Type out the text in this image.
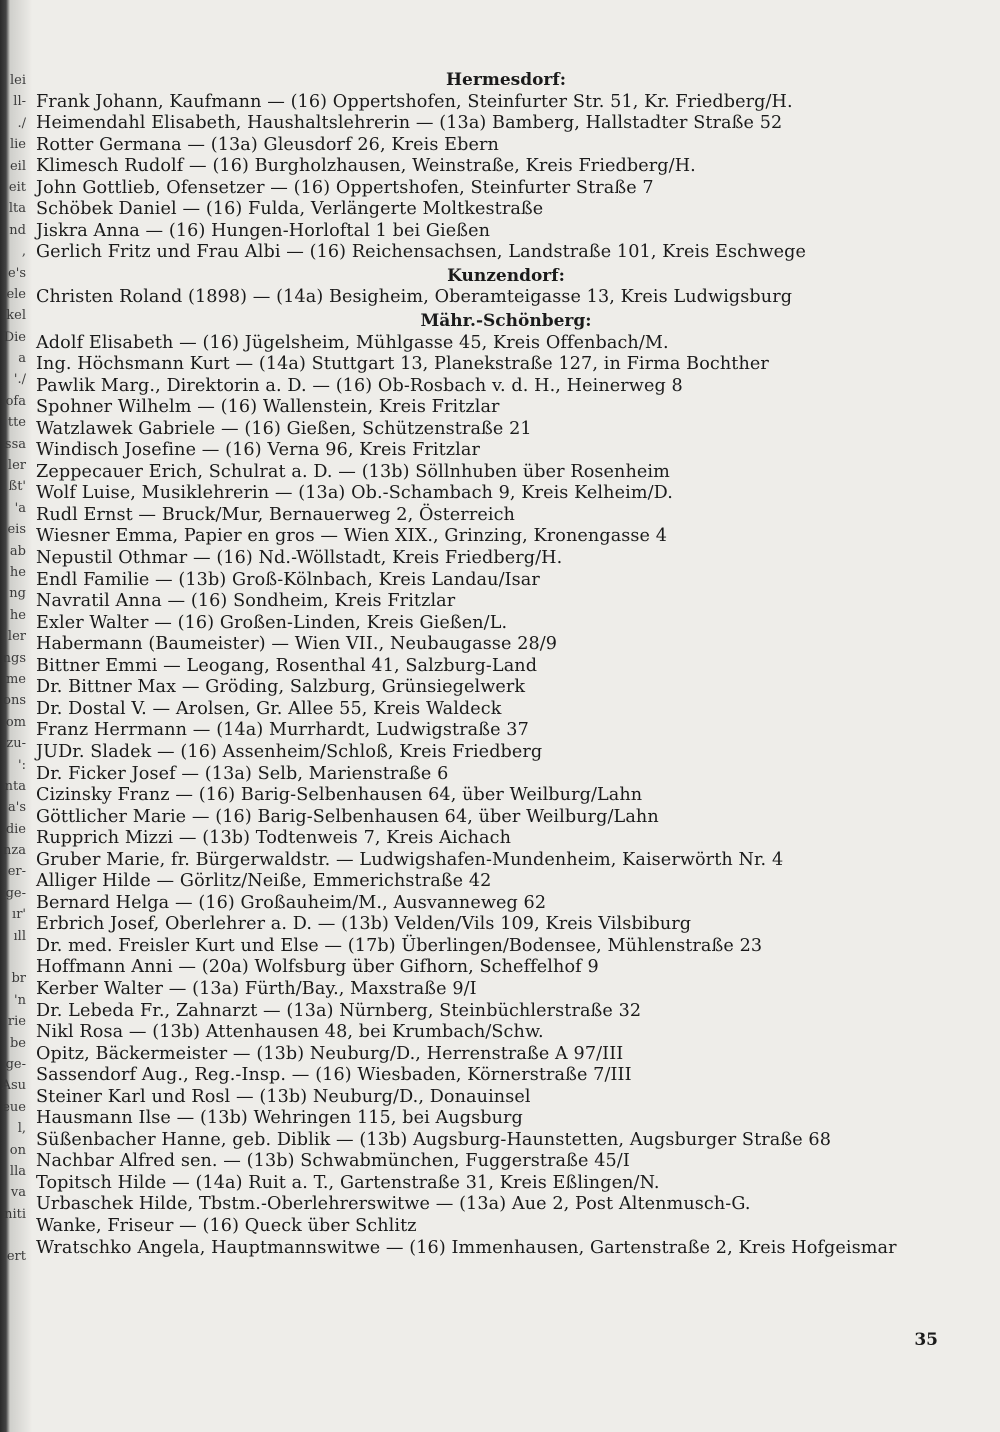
lei
ll-
./
lie
eil
eit
lta
nd
,
e's
ele
kel
Die
a
'./
ofa
tte
ssa
ler
ßt'
'a
eis
ab
he
ng
he
ler
ngs
me
ons
om
zu-
':
nta
a's
die
nza
er-
ge-
ır'
ıll
br
'n
rie
be
ge-
Asu
eue
l,
on
lla
va
niti
ert
Hermesdorf:
Frank Johann, Kaufmann — (16) Oppertshofen, Steinfurter Str. 51, Kr. Friedberg/H.
Heimendahl Elisabeth, Haushaltslehrerin — (13a) Bamberg, Hallstadter Straße 52
Rotter Germana — (13a) Gleusdorf 26, Kreis Ebern
Klimesch Rudolf — (16) Burgholzhausen, Weinstraße, Kreis Friedberg/H.
John Gottlieb, Ofensetzer — (16) Oppertshofen, Steinfurter Straße 7
Schöbek Daniel — (16) Fulda, Verlängerte Moltkestraße
Jiskra Anna — (16) Hungen-Horloftal 1 bei Gießen
Gerlich Fritz und Frau Albi — (16) Reichensachsen, Landstraße 101, Kreis Eschwege
Kunzendorf:
Christen Roland (1898) — (14a) Besigheim, Oberamteigasse 13, Kreis Ludwigsburg
Mähr.-Schönberg:
Adolf Elisabeth — (16) Jügelsheim, Mühlgasse 45, Kreis Offenbach/M.
Ing. Höchsmann Kurt — (14a) Stuttgart 13, Planekstraße 127, in Firma Bochther
Pawlik Marg., Direktorin a. D. — (16) Ob-Rosbach v. d. H., Heinerweg 8
Spohner Wilhelm — (16) Wallenstein, Kreis Fritzlar
Watzlawek Gabriele — (16) Gießen, Schützenstraße 21
Windisch Josefine — (16) Verna 96, Kreis Fritzlar
Zeppecauer Erich, Schulrat a. D. — (13b) Söllnhuben über Rosenheim
Wolf Luise, Musiklehrerin — (13a) Ob.-Schambach 9, Kreis Kelheim/D.
Rudl Ernst — Bruck/Mur, Bernauerweg 2, Österreich
Wiesner Emma, Papier en gros — Wien XIX., Grinzing, Kronengasse 4
Nepustil Othmar — (16) Nd.-Wöllstadt, Kreis Friedberg/H.
Endl Familie — (13b) Groß-Kölnbach, Kreis Landau/Isar
Navratil Anna — (16) Sondheim, Kreis Fritzlar
Exler Walter — (16) Großen-Linden, Kreis Gießen/L.
Habermann (Baumeister) — Wien VII., Neubaugasse 28/9
Bittner Emmi — Leogang, Rosenthal 41, Salzburg-Land
Dr. Bittner Max — Gröding, Salzburg, Grünsiegelwerk
Dr. Dostal V. — Arolsen, Gr. Allee 55, Kreis Waldeck
Franz Herrmann — (14a) Murrhardt, Ludwigstraße 37
JUDr. Sladek — (16) Assenheim/Schloß, Kreis Friedberg
Dr. Ficker Josef — (13a) Selb, Marienstraße 6
Cizinsky Franz — (16) Barig-Selbenhausen 64, über Weilburg/Lahn
Göttlicher Marie — (16) Barig-Selbenhausen 64, über Weilburg/Lahn
Rupprich Mizzi — (13b) Todtenweis 7, Kreis Aichach
Gruber Marie, fr. Bürgerwaldstr. — Ludwigshafen-Mundenheim, Kaiserwörth Nr. 4
Alliger Hilde — Görlitz/Neiße, Emmerichstraße 42
Bernard Helga — (16) Großauheim/M., Ausvanneweg 62
Erbrich Josef, Oberlehrer a. D. — (13b) Velden/Vils 109, Kreis Vilsbiburg
Dr. med. Freisler Kurt und Else — (17b) Überlingen/Bodensee, Mühlenstraße 23
Hoffmann Anni — (20a) Wolfsburg über Gifhorn, Scheffelhof 9
Kerber Walter — (13a) Fürth/Bay., Maxstraße 9/I
Dr. Lebeda Fr., Zahnarzt — (13a) Nürnberg, Steinbüchlerstraße 32
Nikl Rosa — (13b) Attenhausen 48, bei Krumbach/Schw.
Opitz, Bäckermeister — (13b) Neuburg/D., Herrenstraße A 97/III
Sassendorf Aug., Reg.-Insp. — (16) Wiesbaden, Körnerstraße 7/III
Steiner Karl und Rosl — (13b) Neuburg/D., Donauinsel
Hausmann Ilse — (13b) Wehringen 115, bei Augsburg
Süßenbacher Hanne, geb. Diblik — (13b) Augsburg-Haunstetten, Augsburger Straße 68
Nachbar Alfred sen. — (13b) Schwabmünchen, Fuggerstraße 45/I
Topitsch Hilde — (14a) Ruit a. T., Gartenstraße 31, Kreis Eßlingen/N.
Urbaschek Hilde, Tbstm.-Oberlehrerswitwe — (13a) Aue 2, Post Altenmusch-G.
Wanke, Friseur — (16) Queck über Schlitz
Wratschko Angela, Hauptmannswitwe — (16) Immenhausen, Gartenstraße 2, Kreis Hofgeismar
35
